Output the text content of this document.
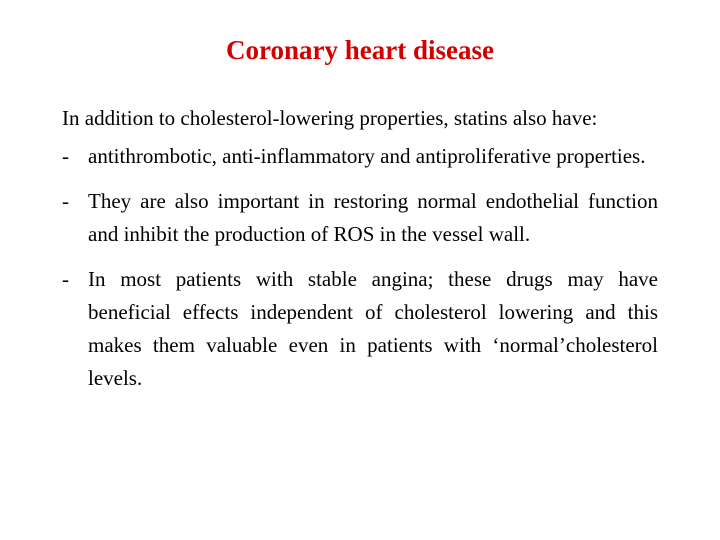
Coronary heart disease

In addition to cholesterol-lowering properties, statins also have:

- antithrombotic, anti-inflammatory and antiproliferative properties.
- They are also important in restoring normal endothelial function and inhibit the production of ROS in the vessel wall.
- In most patients with stable angina; these drugs may have beneficial effects independent of cholesterol lowering and this makes them valuable even in patients with ‘normal’cholesterol levels.
